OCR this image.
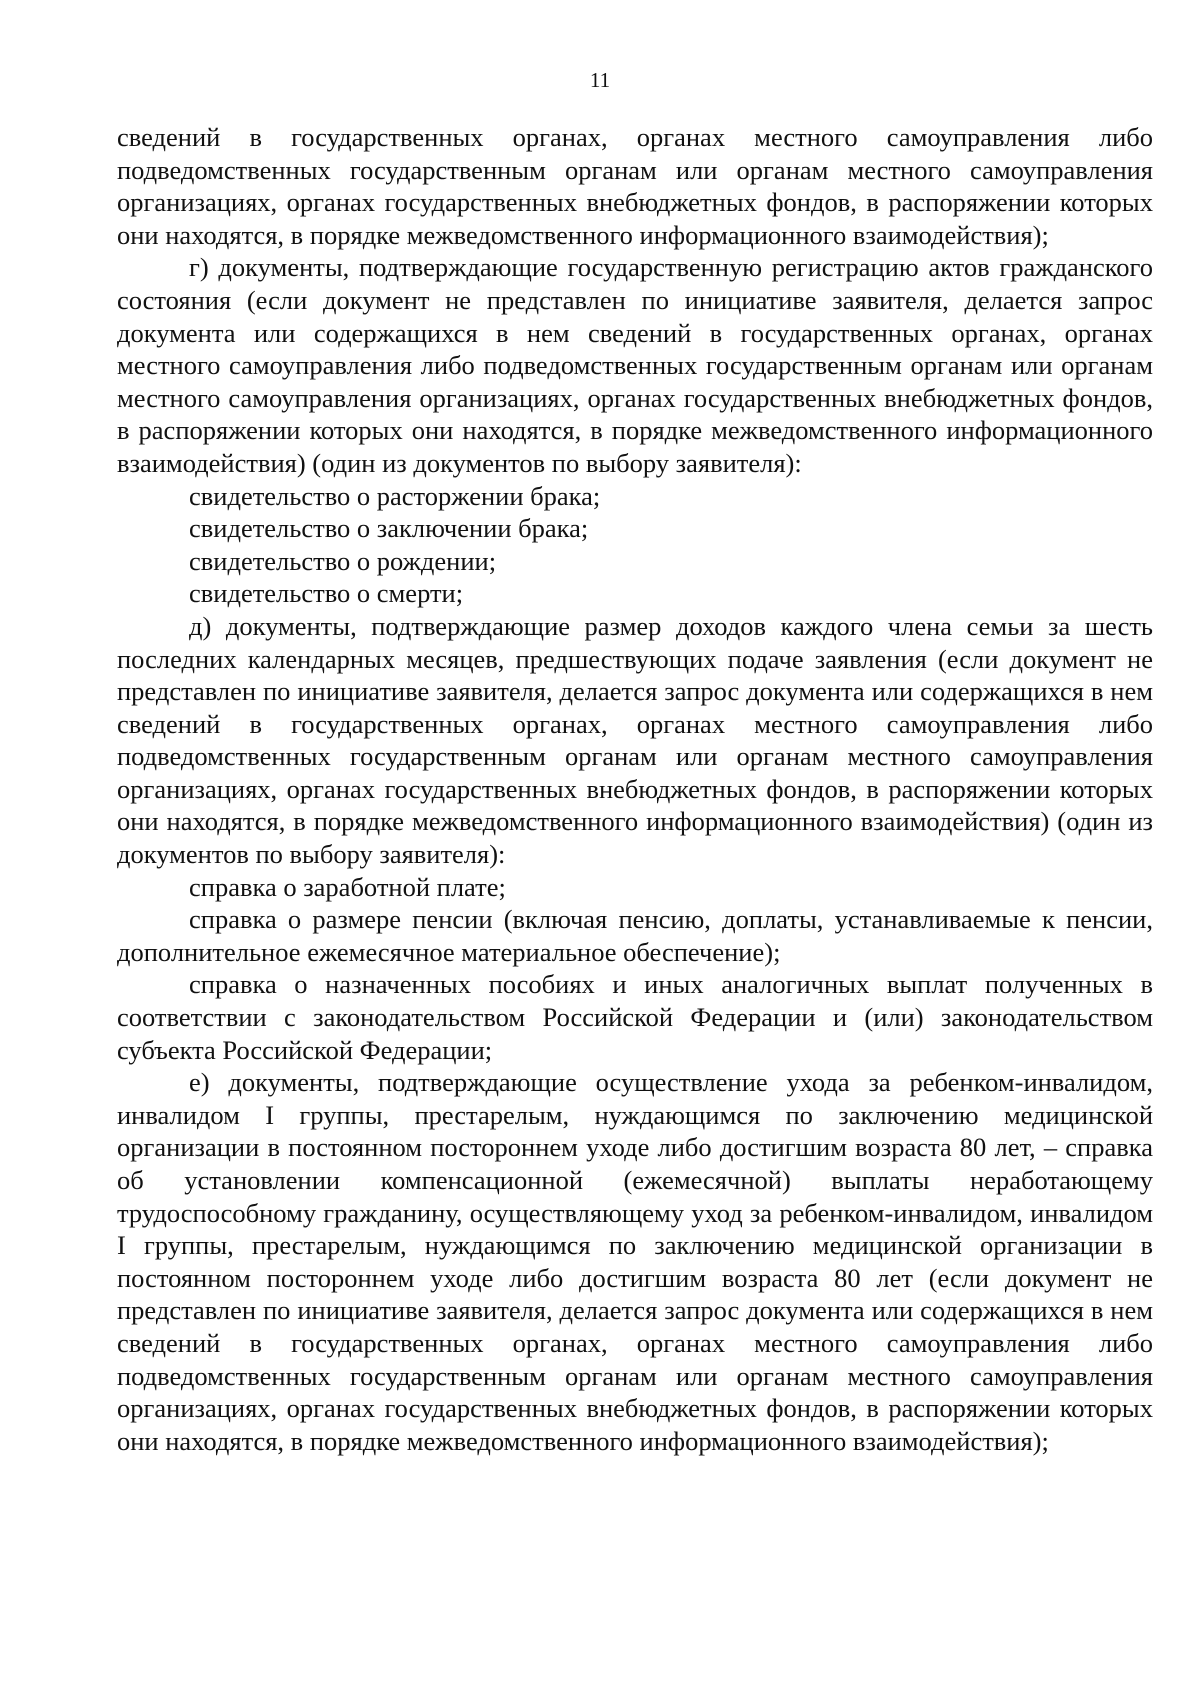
11

сведений в государственных органах, органах местного самоуправления либо подведомственных государственным органам или органам местного самоуправления организациях, органах государственных внебюджетных фондов, в распоряжении которых они находятся, в порядке межведомственного информационного взаимодействия);

г) документы, подтверждающие государственную регистрацию актов гражданского состояния (если документ не представлен по инициативе заявителя, делается запрос документа или содержащихся в нем сведений в государственных органах, органах местного самоуправления либо подведомственных государственным органам или органам местного самоуправления организациях, органах государственных внебюджетных фондов, в распоряжении которых они находятся, в порядке межведомственного информационного взаимодействия) (один из документов по выбору заявителя):

свидетельство о расторжении брака;

свидетельство о заключении брака;

свидетельство о рождении;

свидетельство о смерти;

д) документы, подтверждающие размер доходов каждого члена семьи за шесть последних календарных месяцев, предшествующих подаче заявления (если документ не представлен по инициативе заявителя, делается запрос документа или содержащихся в нем сведений в государственных органах, органах местного самоуправления либо подведомственных государственным органам или органам местного самоуправления организациях, органах государственных внебюджетных фондов, в распоряжении которых они находятся, в порядке межведомственного информационного взаимодействия) (один из документов по выбору заявителя):

справка о заработной плате;

справка о размере пенсии (включая пенсию, доплаты, устанавливаемые к пенсии, дополнительное ежемесячное материальное обеспечение);

справка о назначенных пособиях и иных аналогичных выплат полученных в соответствии с законодательством Российской Федерации и (или) законодательством субъекта Российской Федерации;

е) документы, подтверждающие осуществление ухода за ребенком-инвалидом, инвалидом I группы, престарелым, нуждающимся по заключению медицинской организации в постоянном постороннем уходе либо достигшим возраста 80 лет, – справка об установлении компенсационной (ежемесячной) выплаты неработающему трудоспособному гражданину, осуществляющему уход за ребенком-инвалидом, инвалидом I группы, престарелым, нуждающимся по заключению медицинской организации в постоянном постороннем уходе либо достигшим возраста 80 лет (если документ не представлен по инициативе заявителя, делается запрос документа или содержащихся в нем сведений в государственных органах, органах местного самоуправления либо подведомственных государственным органам или органам местного самоуправления организациях, органах государственных внебюджетных фондов, в распоряжении которых они находятся, в порядке межведомственного информационного взаимодействия);
